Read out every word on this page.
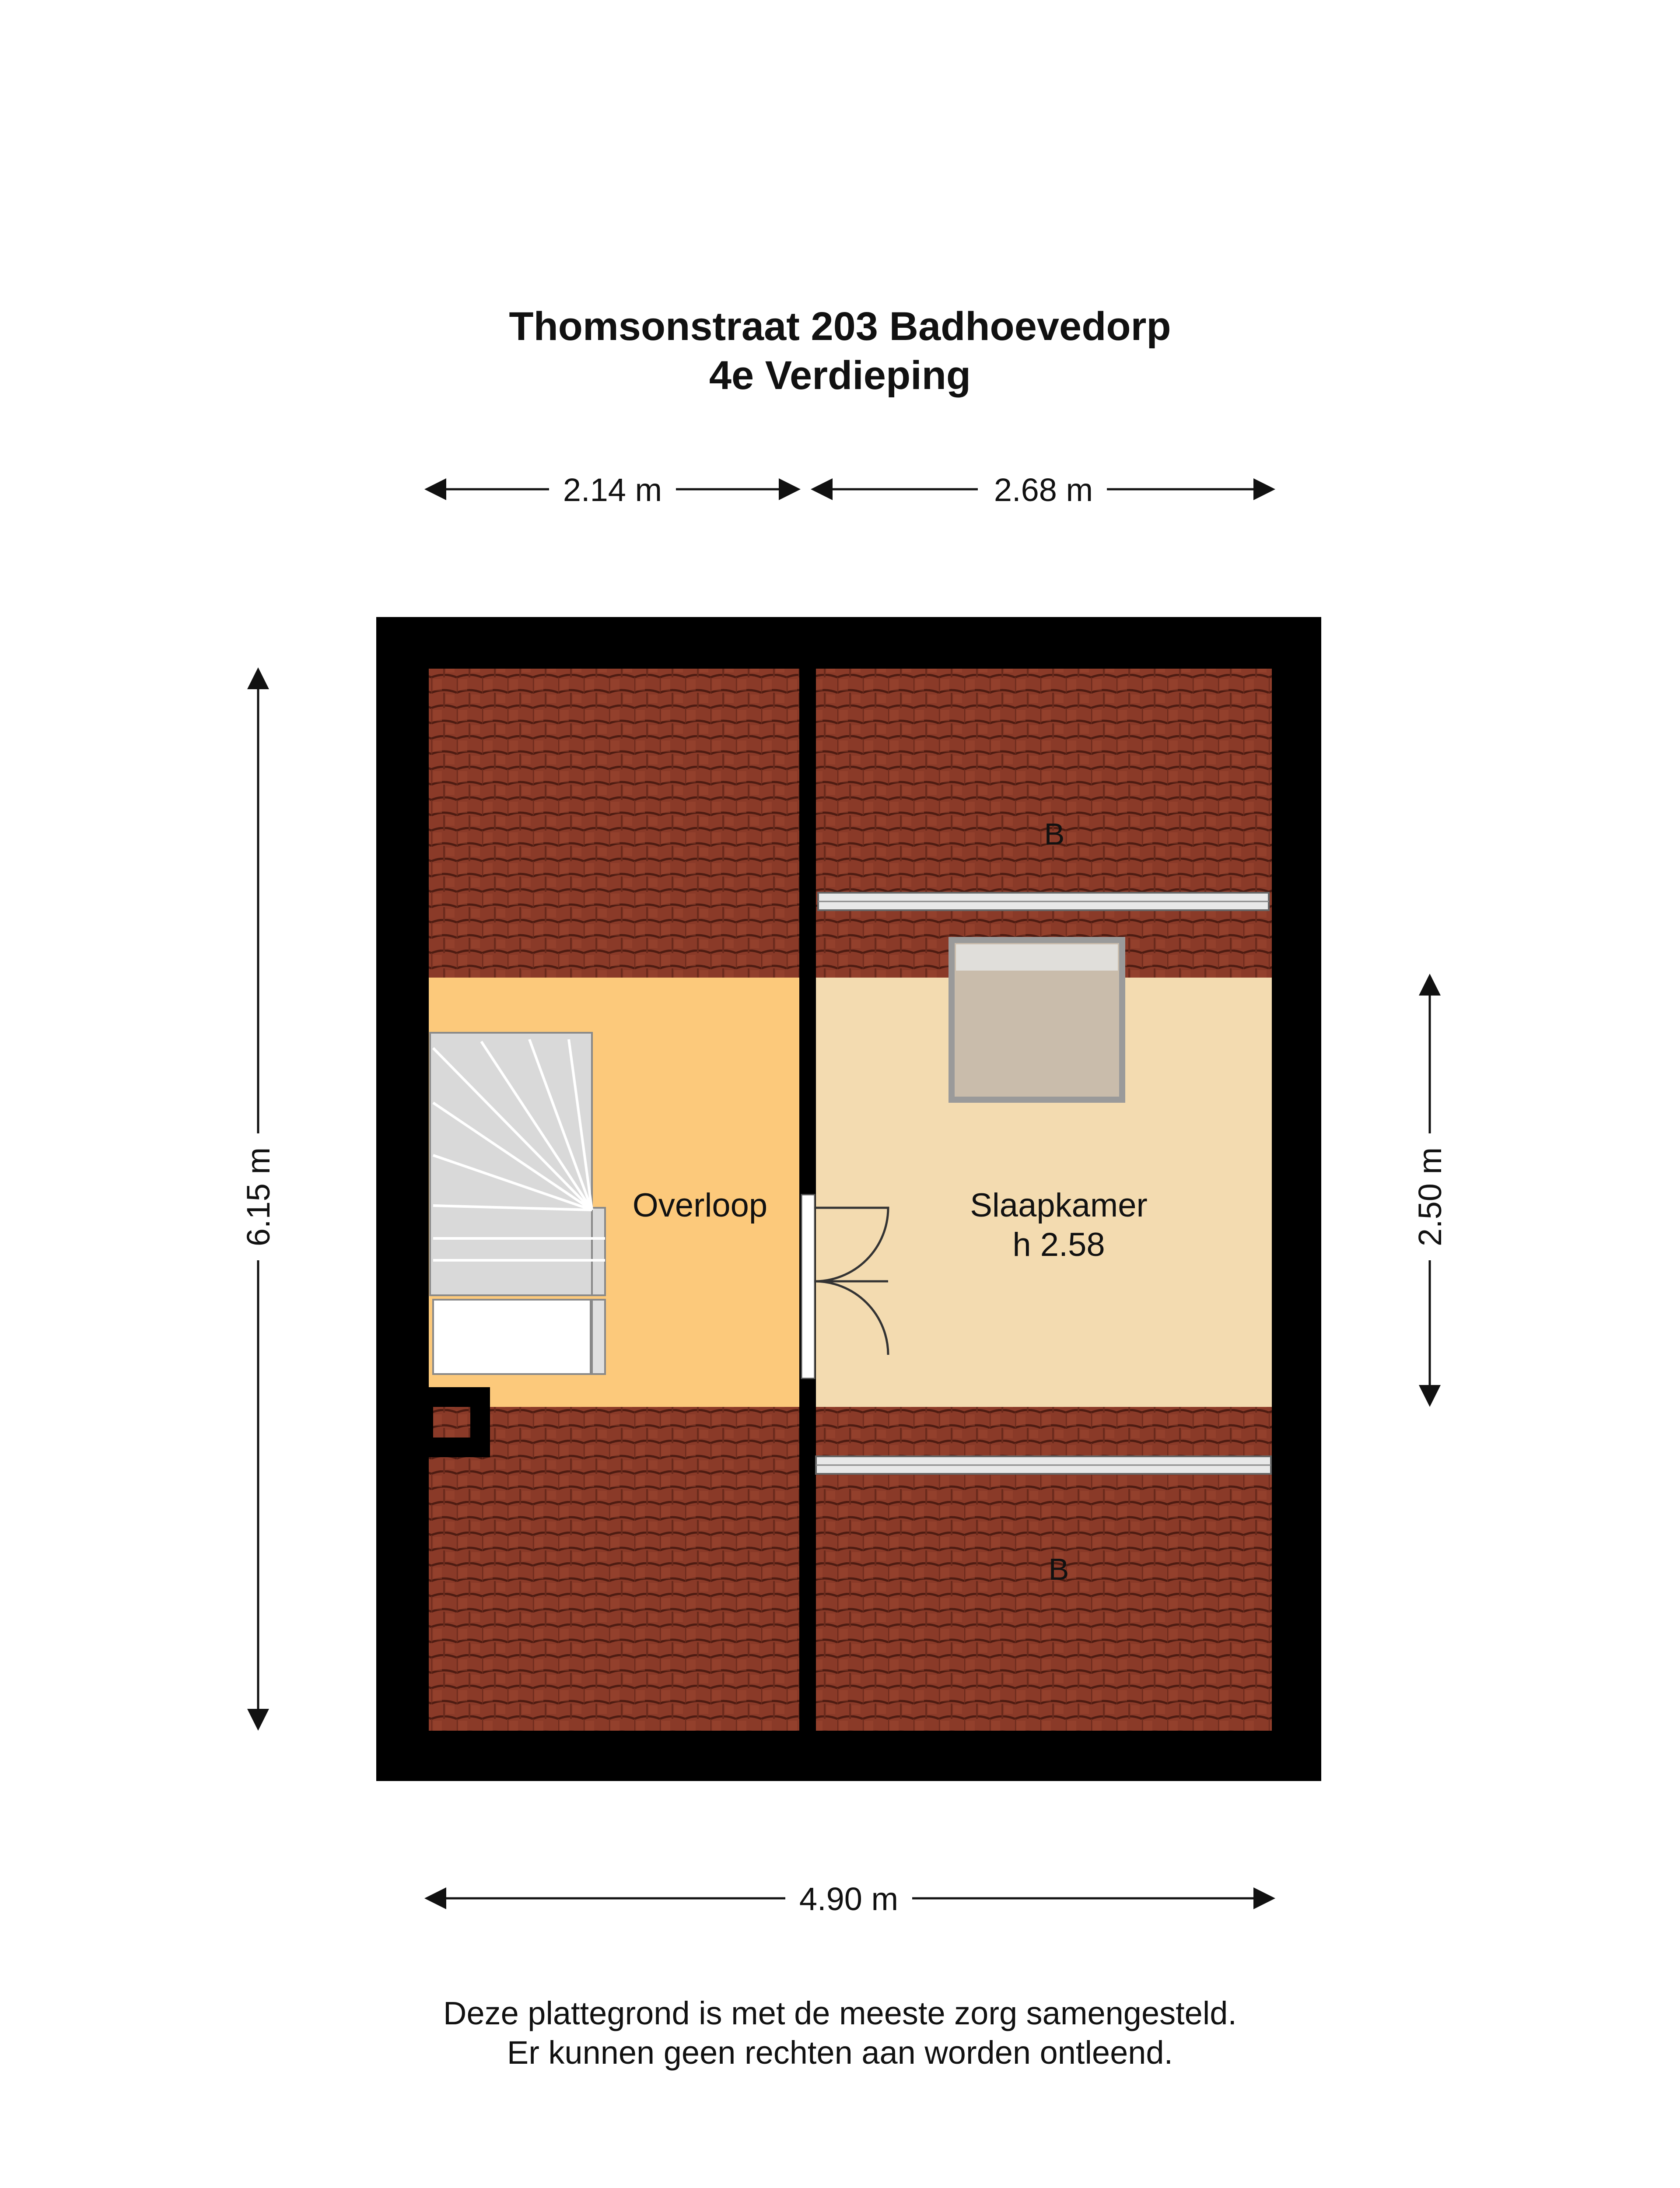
Thomsonstraat 203 Badhoevedorp
4e Verdieping
Overloop	Slaapkamer
h 2.58
B
B
2.14 m	2.68 m
6.15 m	2.50 m
4.90 m
Deze plattegrond is met de meeste zorg samengesteld.
Er kunnen geen rechten aan worden ontleend.
